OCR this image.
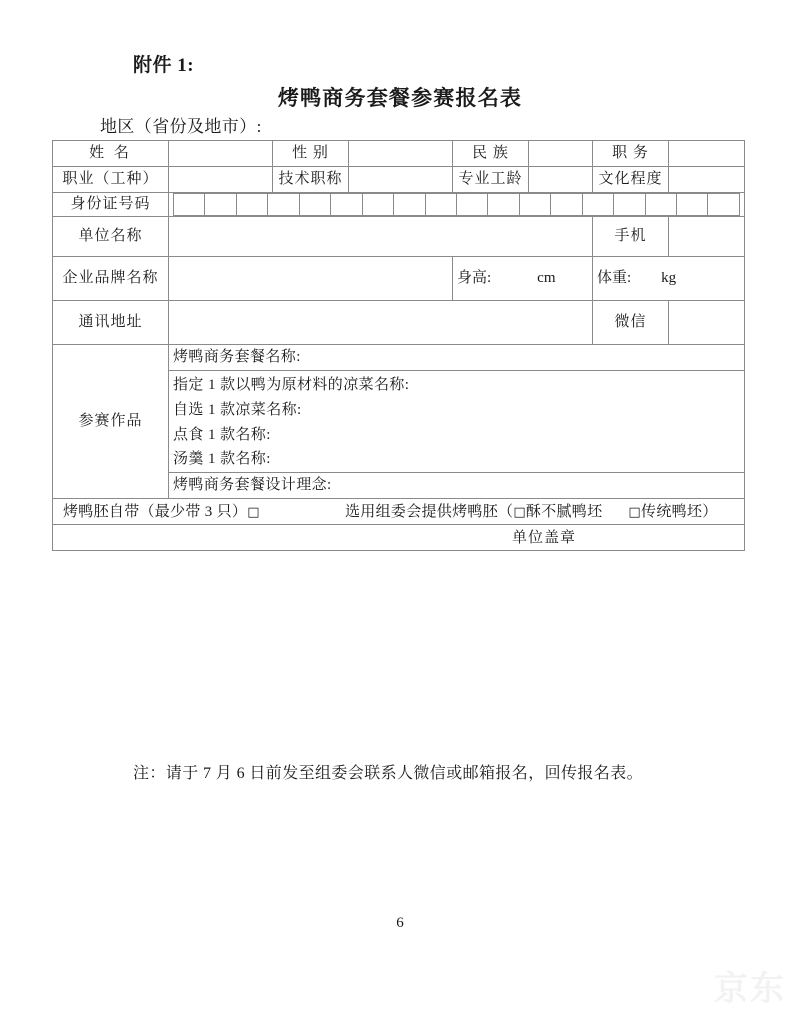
附件 1:
烤鸭商务套餐参赛报名表
地区（省份及地市）:
姓 名		性 别		民 族		职 务	
职业（工种）		技术职称		专业工龄		文化程度	
身份证号码	

单位名称		手机	
企业品牌名称		身高:	cm	体重: kg
通讯地址		微信	
参赛作品	
烤鸭商务套餐名称:

指定 1 款以鸭为原材料的凉菜名称:
自选 1 款凉菜名称:
点食 1 款名称:
汤羹 1 款名称:

烤鸭商务套餐设计理念:

烤鸭胚自带（最少带 3 只）□	选用组委会提供烤鸭胚（□酥不腻鸭坯 □传统鸭坯）

单位盖章
注：请于 7 月 6 日前发至组委会联系人微信或邮箱报名，回传报名表。
6
京东
